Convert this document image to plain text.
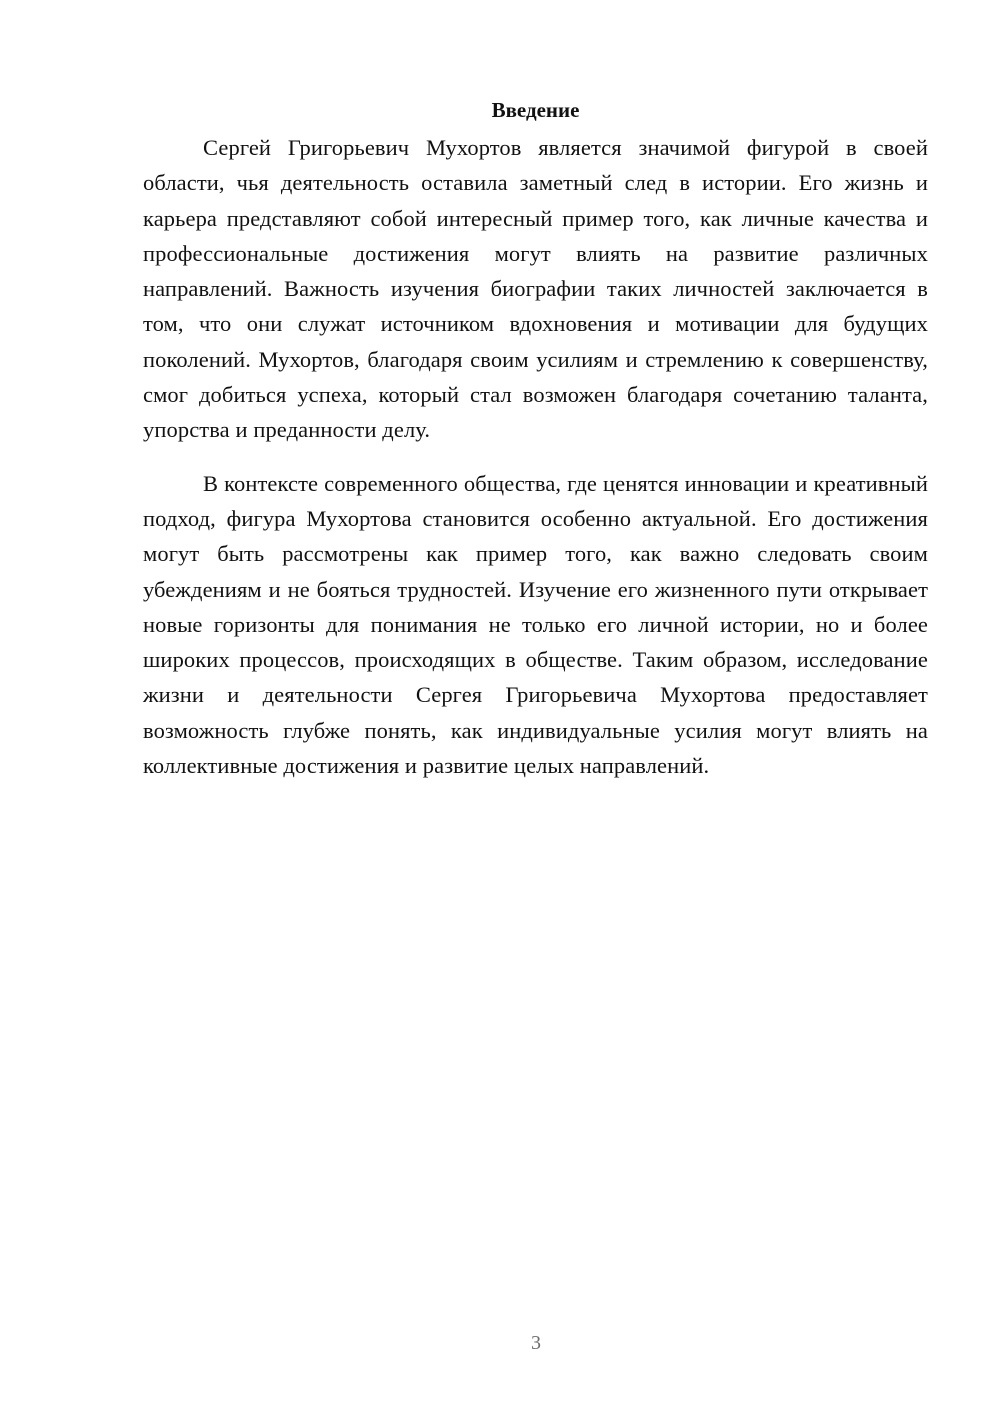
Введение

Сергей Григорьевич Мухортов является значимой фигурой в своей области, чья деятельность оставила заметный след в истории. Его жизнь и карьера представляют собой интересный пример того, как личные качества и профессиональные достижения могут влиять на развитие различных направлений. Важность изучения биографии таких личностей заключается в том, что они служат источником вдохновения и мотивации для будущих поколений. Мухортов, благодаря своим усилиям и стремлению к совершенству, смог добиться успеха, который стал возможен благодаря сочетанию таланта, упорства и преданности делу.

В контексте современного общества, где ценятся инновации и креативный подход, фигура Мухортова становится особенно актуальной. Его достижения могут быть рассмотрены как пример того, как важно следовать своим убеждениям и не бояться трудностей. Изучение его жизненного пути открывает новые горизонты для понимания не только его личной истории, но и более широких процессов, происходящих в обществе. Таким образом, исследование жизни и деятельности Сергея Григорьевича Мухортова предоставляет возможность глубже понять, как индивидуальные усилия могут влиять на коллективные достижения и развитие целых направлений.

3
